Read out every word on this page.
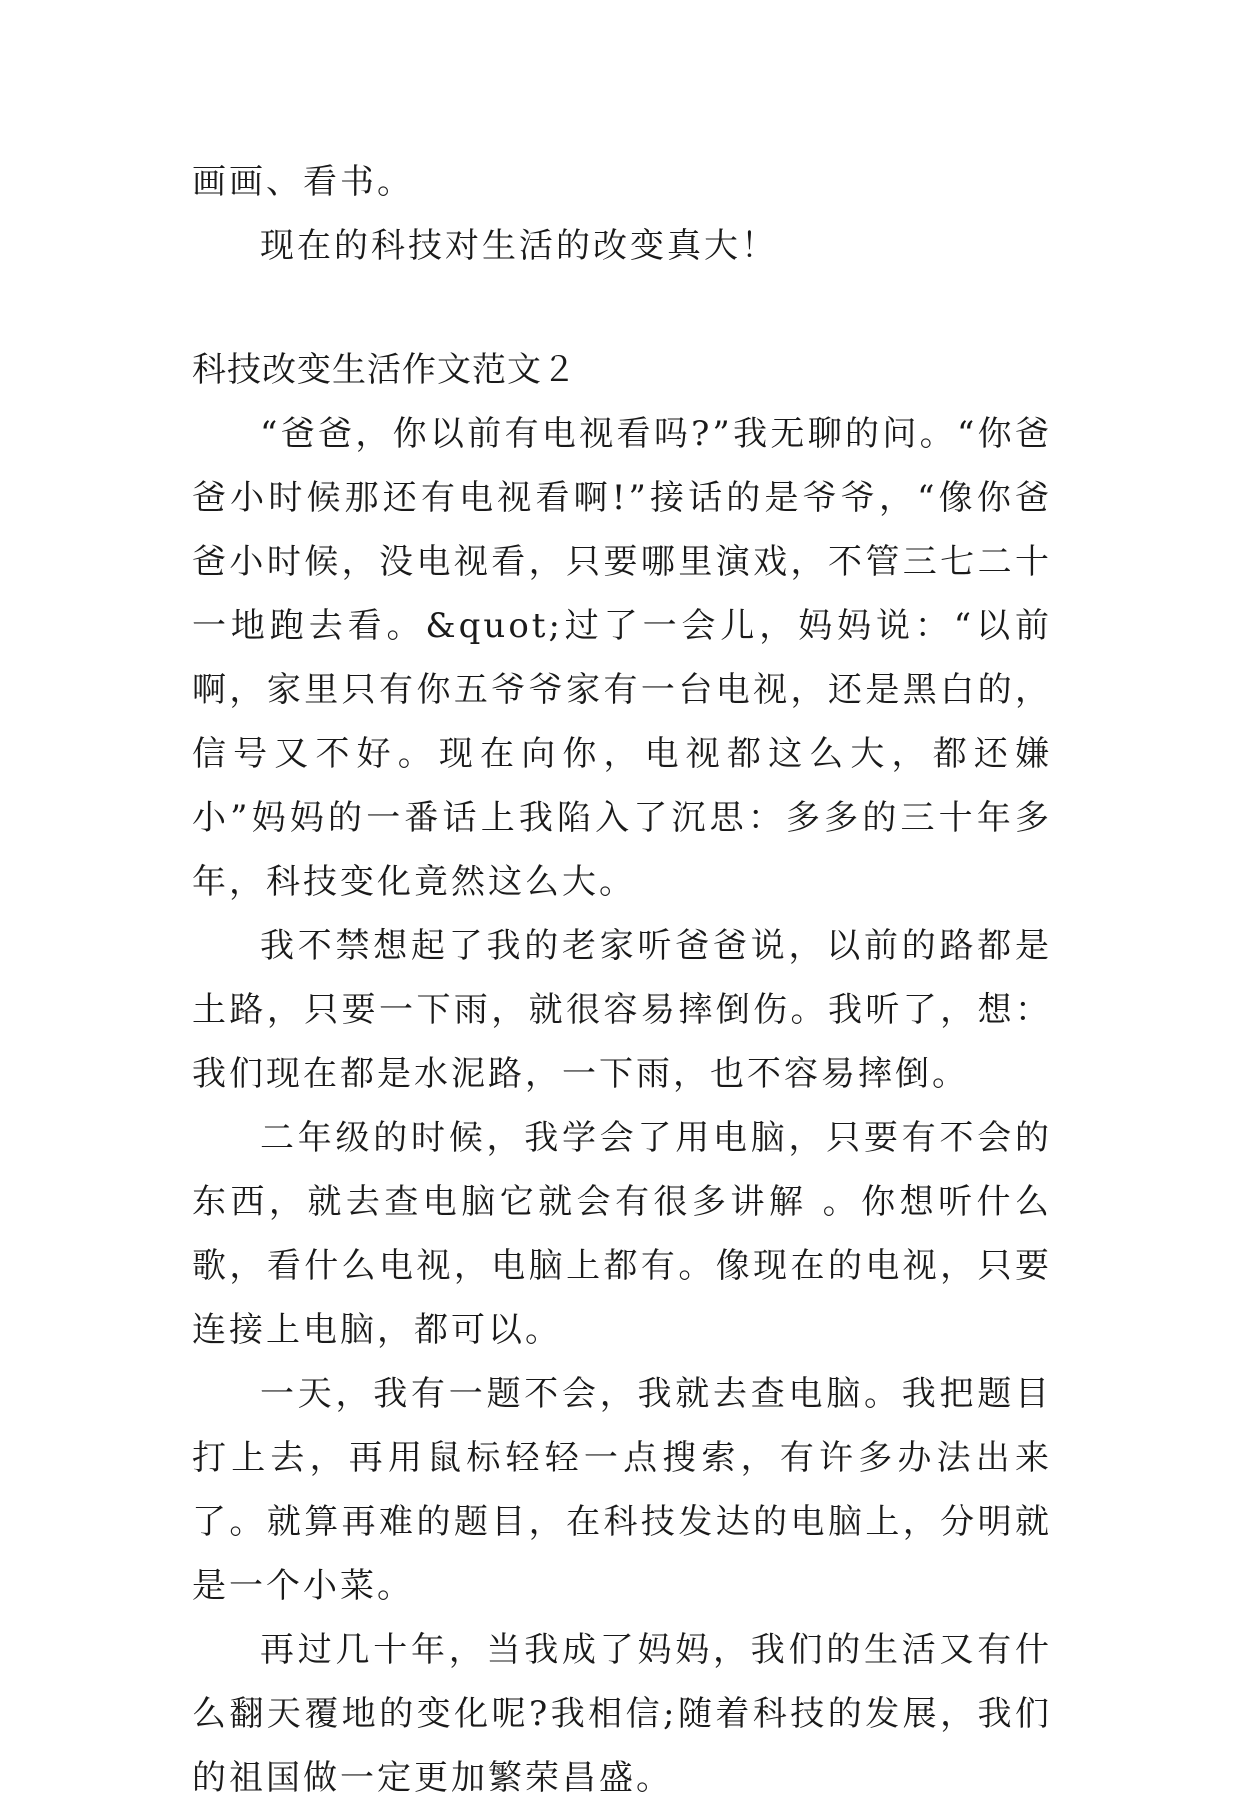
画画、看书。

现在的科技对生活的改变真大！

科技改变生活作文范文２

“爸爸，你以前有电视看吗?”我无聊的问。“你爸爸小时候那还有电视看啊!”接话的是爷爷，“像你爸爸小时候，没电视看，只要哪里演戏，不管三七二十一地跑去看。&quot;过了一会儿，妈妈说：“以前啊，家里只有你五爷爷家有一台电视，还是黑白的，信号又不好。现在向你，电视都这么大，都还嫌小”妈妈的一番话上我陷入了沉思：多多的三十年多年，科技变化竟然这么大。

我不禁想起了我的老家听爸爸说，以前的路都是土路，只要一下雨，就很容易摔倒伤。我听了，想：我们现在都是水泥路，一下雨，也不容易摔倒。

二年级的时候，我学会了用电脑，只要有不会的东西，就去查电脑它就会有很多讲解 。你想听什么歌，看什么电视，电脑上都有。像现在的电视，只要连接上电脑，都可以。

一天，我有一题不会，我就去查电脑。我把题目打上去，再用鼠标轻轻一点搜索，有许多办法出来了。就算再难的题目，在科技发达的电脑上，分明就是一个小菜。

再过几十年，当我成了妈妈，我们的生活又有什么翻天覆地的变化呢?我相信;随着科技的发展，我们的祖国做一定更加繁荣昌盛。
